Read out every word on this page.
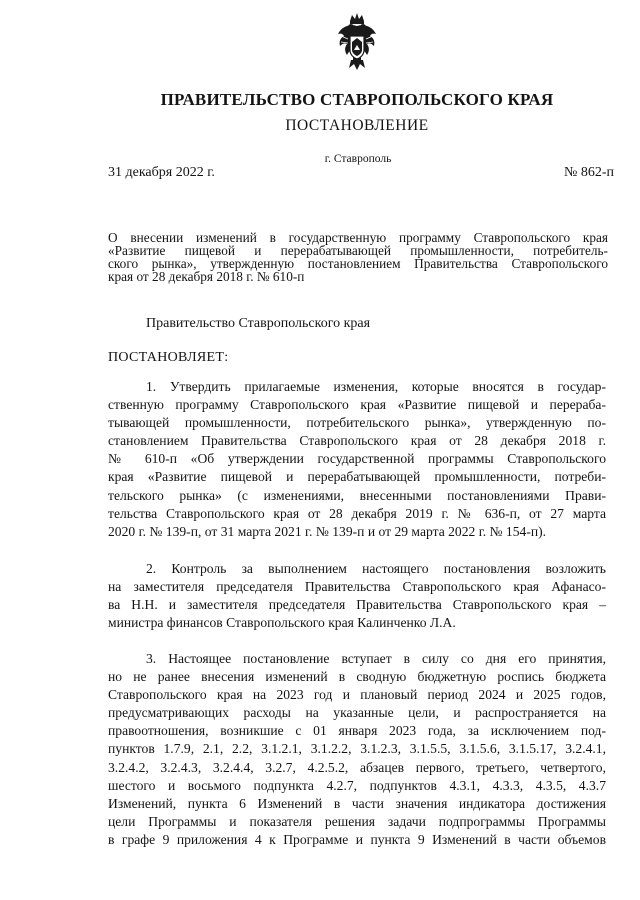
ПРАВИТЕЛЬСТВО СТАВРОПОЛЬСКОГО КРАЯ
ПОСТАНОВЛЕНИЕ
г. Ставрополь
31 декабря 2022 г.	№ 862-п
О внесении изменений в государственную программу Ставропольского края
«Развитие пищевой и перерабатывающей промышленности, потребитель-
ского рынка», утвержденную постановлением Правительства Ставропольского
края от 28 декабря 2018 г. № 610-п
Правительство Ставропольского края
ПОСТАНОВЛЯЕТ:
1. Утвердить прилагаемые изменения, которые вносятся в государ-
ственную программу Ставропольского края «Развитие пищевой и перераба-
тывающей промышленности, потребительского рынка», утвержденную по-
становлением Правительства Ставропольского края от 28 декабря 2018 г.
№ 610-п «Об утверждении государственной программы Ставропольского
края «Развитие пищевой и перерабатывающей промышленности, потреби-
тельского рынка» (с изменениями, внесенными постановлениями Прави-
тельства Ставропольского края от 28 декабря 2019 г. № 636-п, от 27 марта
2020 г. № 139-п, от 31 марта 2021 г. № 139-п и от 29 марта 2022 г. № 154-п).
2. Контроль за выполнением настоящего постановления возложить
на заместителя председателя Правительства Ставропольского края Афанасо-
ва Н.Н. и заместителя председателя Правительства Ставропольского края –
министра финансов Ставропольского края Калинченко Л.А.
3. Настоящее постановление вступает в силу со дня его принятия,
но не ранее внесения изменений в сводную бюджетную роспись бюджета
Ставропольского края на 2023 год и плановый период 2024 и 2025 годов,
предусматривающих расходы на указанные цели, и распространяется на
правоотношения, возникшие с 01 января 2023 года, за исключением под-
пунктов 1.7.9, 2.1, 2.2, 3.1.2.1, 3.1.2.2, 3.1.2.3, 3.1.5.5, 3.1.5.6, 3.1.5.17, 3.2.4.1,
3.2.4.2, 3.2.4.3, 3.2.4.4, 3.2.7, 4.2.5.2, абзацев первого, третьего, четвертого,
шестого и восьмого подпункта 4.2.7, подпунктов 4.3.1, 4.3.3, 4.3.5, 4.3.7
Изменений, пункта 6 Изменений в части значения индикатора достижения
цели Программы и показателя решения задачи подпрограммы Программы
в графе 9 приложения 4 к Программе и пункта 9 Изменений в части объемов
